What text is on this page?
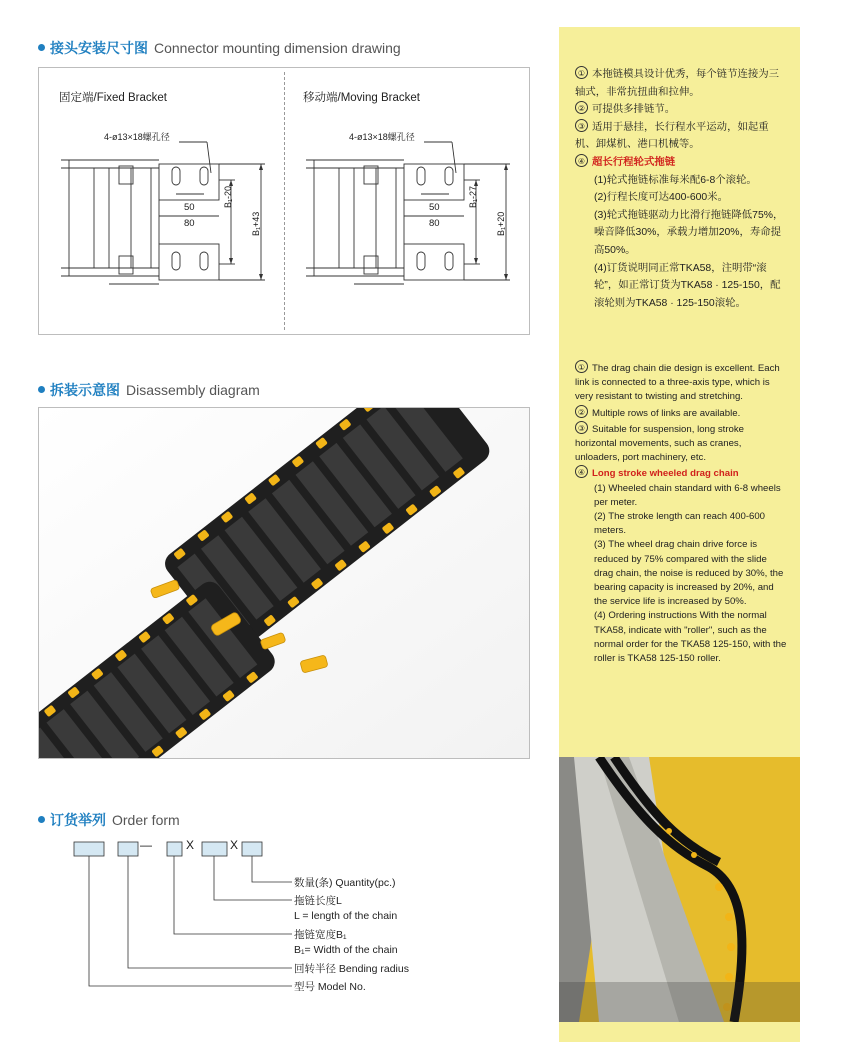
接头安装尺寸图 Connector mounting dimension drawing
固定端/Fixed Bracket
4-ø13×18螺孔径
50
80
B₁-20
B₁+43
移动端/Moving Bracket
4-ø13×18螺孔径
50
80
B₁-27
B₁+20
拆装示意图 Disassembly diagram
订货举列 Order form
—	X	X
数量(条) Quantity(pc.)
拖链长度L
L = length of the chain
拖链宽度B₁
B₁= Width of the chain
回转半径 Bending radius
型号 Model No.
① 本拖链模具设计优秀，每个链节连接为三轴式，非常抗扭曲和拉伸。
② 可提供多排链节。
③ 适用于悬挂，长行程水平运动，如起重机、卸煤机、港口机械等。
④ 超长行程轮式拖链
(1)轮式拖链标准每米配6-8个滚轮。
(2)行程长度可达400-600米。
(3)轮式拖链驱动力比滑行拖链降低75%，噪音降低30%，承载力增加20%，寿命提高50%。
(4)订货说明同正常TKA58，注明带“滚轮”，如正常订货为TKA58 · 125-150，配滚轮则为TKA58 · 125-150滚轮。
① The drag chain die design is excellent. Each link is connected to a three-axis type, which is very resistant to twisting and stretching.
② Multiple rows of links are available.
③ Suitable for suspension, long stroke horizontal movements, such as cranes, unloaders, port machinery, etc.
④ Long stroke wheeled drag chain
(1) Wheeled chain standard with 6-8 wheels per meter.
(2) The stroke length can reach 400-600 meters.
(3) The wheel drag chain drive force is reduced by 75% compared with the slide drag chain, the noise is reduced by 30%, the bearing capacity is increased by 20%, and the service life is increased by 50%.
(4) Ordering instructions With the normal TKA58, indicate with "roller", such as the normal order for the TKA58 125-150, with the roller is TKA58 125-150 roller.
